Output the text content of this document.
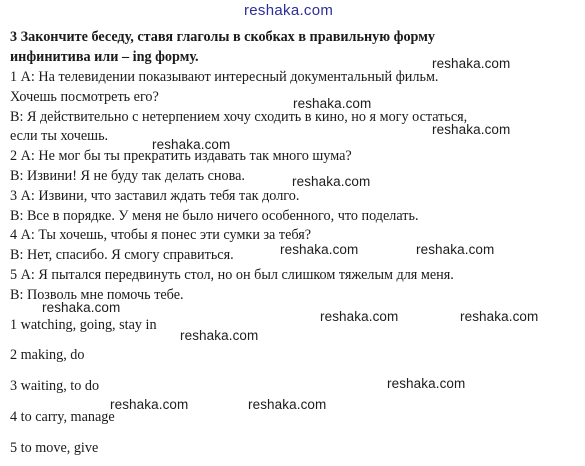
reshaka.com
3 Закончите беседу, ставя глаголы в скобках в правильную форму
инфинитива или – ing форму.
1 А: На телевидении показывают интересный документальный фильм.
Хочешь посмотреть его?
В: Я действительно с нетерпением хочу сходить в кино, но я могу остаться,
если ты хочешь.
2 А: Не мог бы ты прекратить издавать так много шума?
В: Извини! Я не буду так делать снова.
3 А: Извини, что заставил ждать тебя так долго.
В: Все в порядке. У меня не было ничего особенного, что поделать.
4 А: Ты хочешь, чтобы я понес эти сумки за тебя?
В: Нет, спасибо. Я смогу справиться.
5 А: Я пытался передвинуть стол, но он был слишком тяжелым для меня.
В: Позволь мне помочь тебе.
1 watching, going, stay in
2 making, do
3 waiting, to do
4 to carry, manage
5 to move, give
reshaka.com
reshaka.com
reshaka.com
reshaka.com
reshaka.com
reshaka.com	reshaka.com
reshaka.com
reshaka.com	reshaka.com
reshaka.com
reshaka.com
reshaka.com	reshaka.com
